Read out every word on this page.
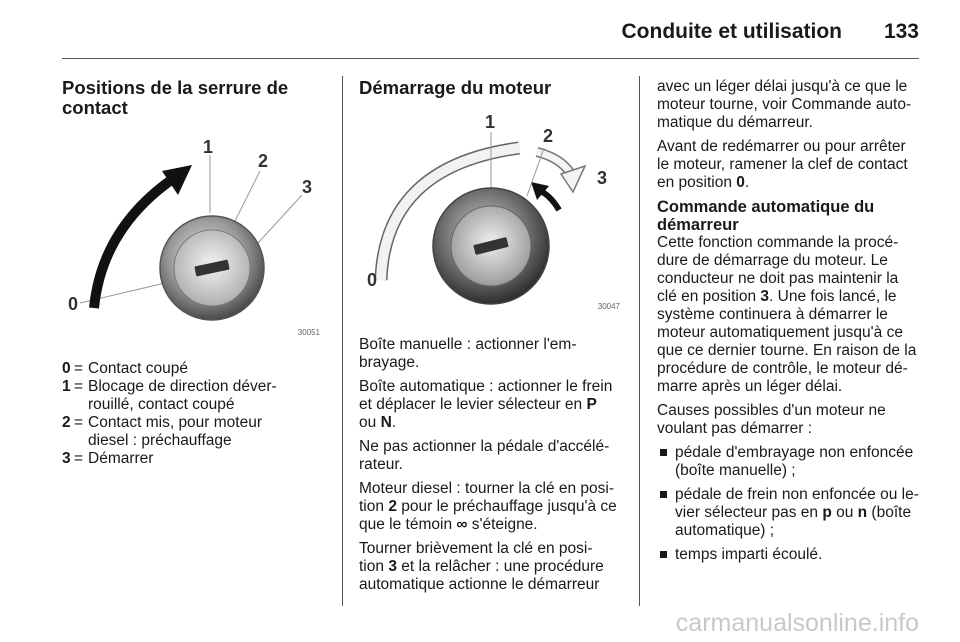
Conduite et utilisation 133
Positions de la serrure de
contact
0
1
2
3
30051
0 = Contact coupé
1 = Blocage de direction déver-
rouillé, contact coupé
2 = Contact mis, pour moteur
diesel : préchauffage
3 = Démarrer
Démarrage du moteur
0
1
2
3
30047

Boîte manuelle : actionner l'em-
brayage.

Boîte automatique : actionner le frein
et déplacer le levier sélecteur en P
ou N.

Ne pas actionner la pédale d'accélé-
rateur.

Moteur diesel : tourner la clé en posi-
tion 2 pour le préchauffage jusqu'à ce
que le témoin ∞ s'éteigne.

Tourner brièvement la clé en posi-
tion 3 et la relâcher : une procédure
automatique actionne le démarreur

avec un léger délai jusqu'à ce que le
moteur tourne, voir Commande auto-
matique du démarreur.

Avant de redémarrer ou pour arrêter
le moteur, ramener la clef de contact
en position 0.

Commande automatique du
démarreur

Cette fonction commande la procé-
dure de démarrage du moteur. Le
conducteur ne doit pas maintenir la
clé en position 3. Une fois lancé, le
système continuera à démarrer le
moteur automatiquement jusqu'à ce
que ce dernier tourne. En raison de la
procédure de contrôle, le moteur dé-
marre après un léger délai.

Causes possibles d'un moteur ne
voulant pas démarrer :

pédale d'embrayage non enfoncée
(boîte manuelle) ;
pédale de frein non enfoncée ou le-
vier sélecteur pas en p ou n (boîte
automatique) ;
temps imparti écoulé.
carmanualsonline.info
